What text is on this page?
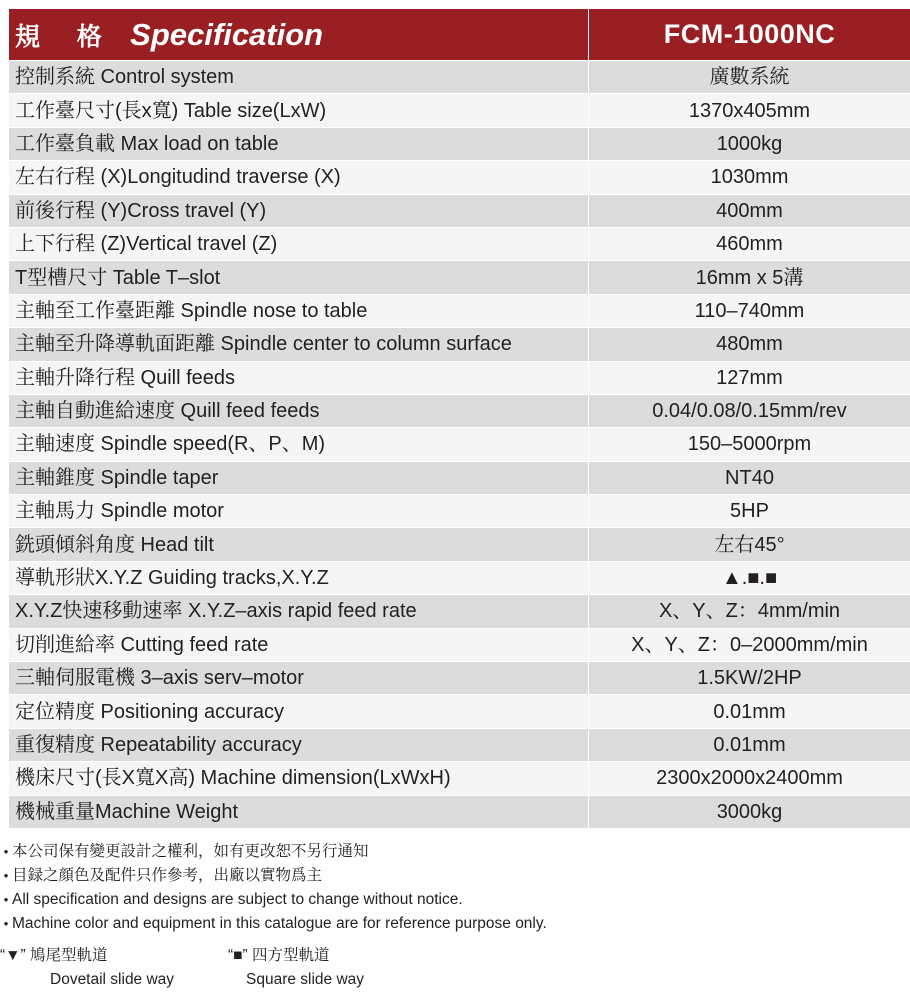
規 格 Specification	FCM-1000NC
控制系統 Control system	廣數系統
工作臺尺寸(長x寬) Table size(LxW)	1370x405mm
工作臺負載 Max load on table	1000kg
左右行程 (X)Longitudind traverse (X)	1030mm
前後行程 (Y)Cross travel (Y)	400mm
上下行程 (Z)Vertical travel (Z)	460mm
T型槽尺寸 Table T–slot	16mm x 5溝
主軸至工作臺距離 Spindle nose to table	110–740mm
主軸至升降導軌面距離 Spindle center to column surface	480mm
主軸升降行程 Quill feeds	127mm
主軸自動進給速度 Quill feed feeds	0.04/0.08/0.15mm/rev
主軸速度 Spindle speed(R、P、M)	150–5000rpm
主軸錐度 Spindle taper	NT40
主軸馬力 Spindle motor	5HP
銑頭傾斜角度 Head tilt	左右45°
導軌形狀X.Y.Z Guiding tracks,X.Y.Z	▲.■.■
X.Y.Z快速移動速率 X.Y.Z–axis rapid feed rate	X、Y、Z：4mm/min
切削進給率 Cutting feed rate	X、Y、Z：0–2000mm/min
三軸伺服電機 3–axis serv–motor	1.5KW/2HP
定位精度 Positioning accuracy	0.01mm
重復精度 Repeatability accuracy	0.01mm
機床尺寸(長X寬X高) Machine dimension(LxWxH)	2300x2000x2400mm
機械重量Machine Weight	3000kg
• 本公司保有變更設計之權利，如有更改恕不另行通知
• 目録之顔色及配件只作參考，出廠以實物爲主
• All specification and designs are subject to change without notice.
• Machine color and equipment in this catalogue are for reference purpose only.
“▼” 鳩尾型軌道
Dovetail slide way
“■” 四方型軌道
Square slide way
